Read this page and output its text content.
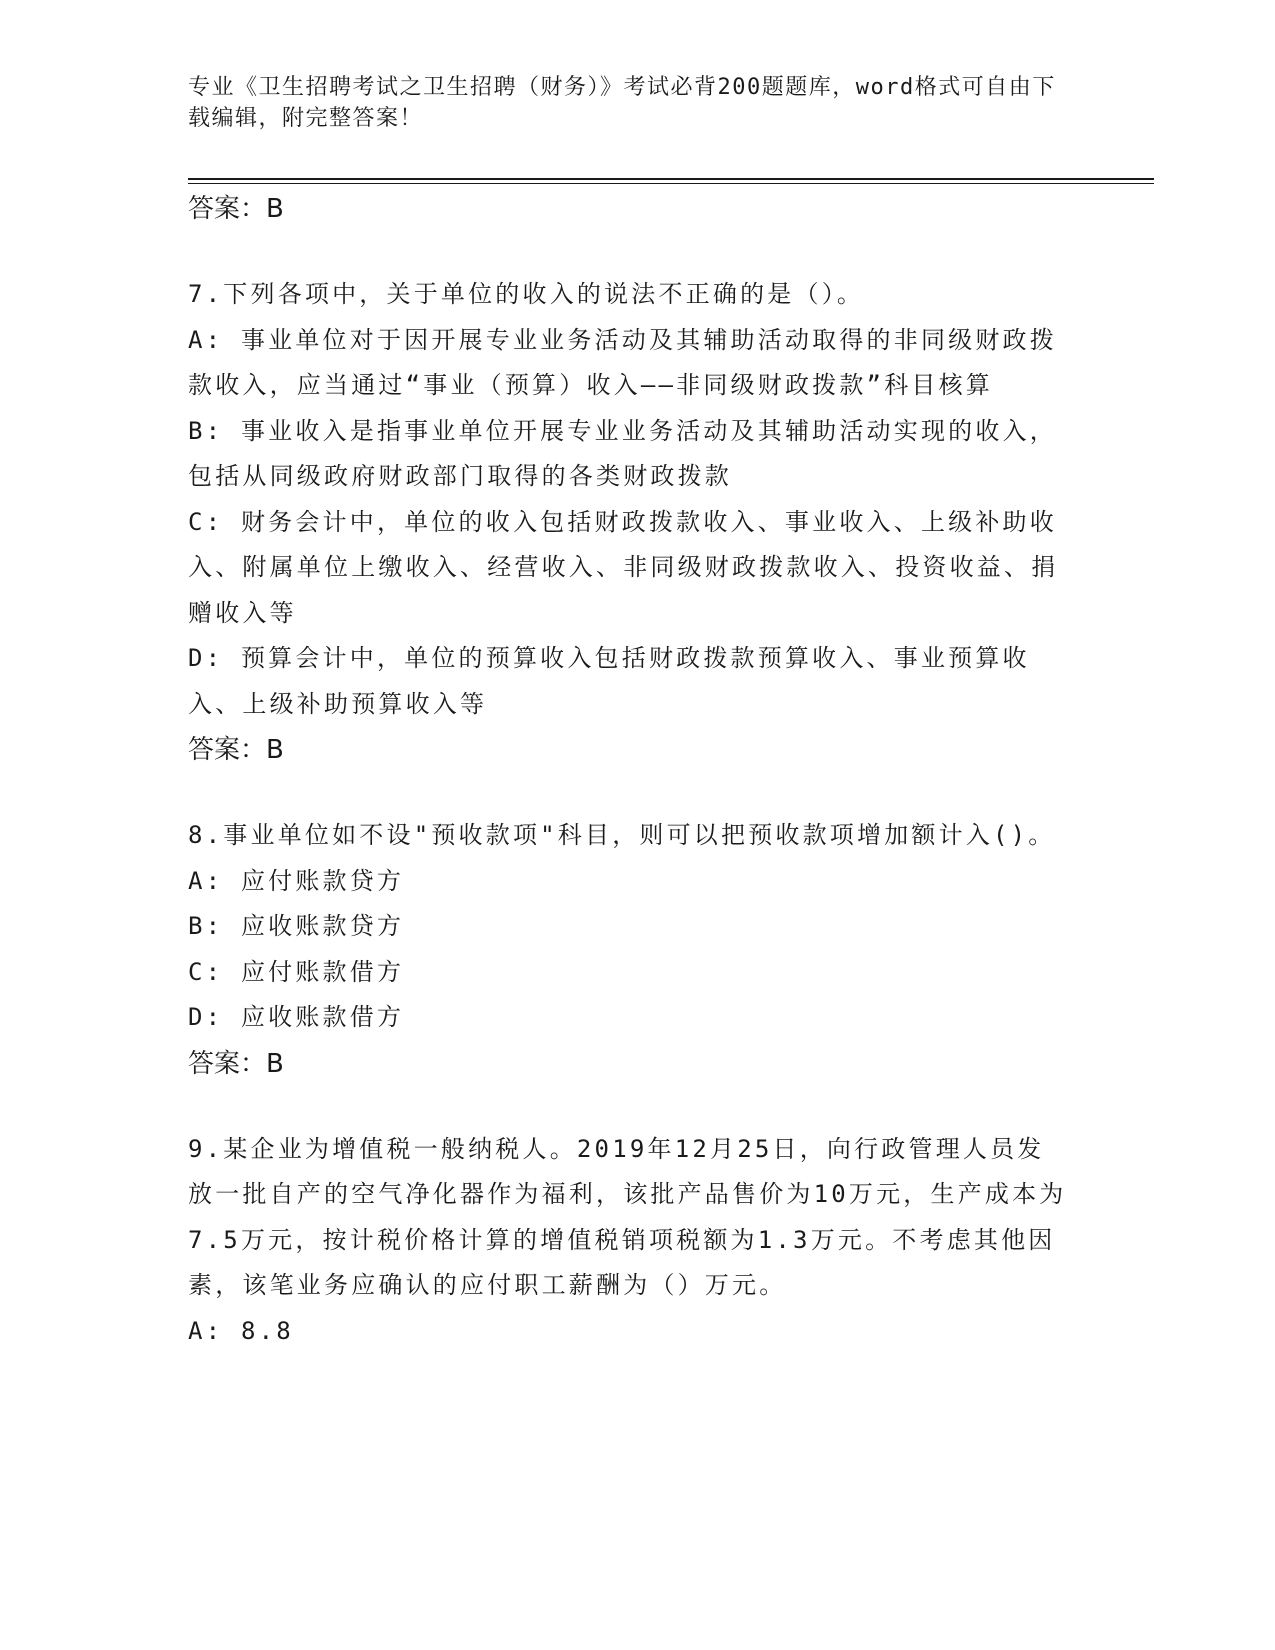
专业《卫生招聘考试之卫生招聘（财务）》考试必背200题题库，word格式可自由下载编辑，附完整答案！

答案：B

7.下列各项中，关于单位的收入的说法不正确的是（）。

A: 事业单位对于因开展专业业务活动及其辅助活动取得的非同级财政拨款收入，应当通过“事业（预算）收入——非同级财政拨款”科目核算

B: 事业收入是指事业单位开展专业业务活动及其辅助活动实现的收入，包括从同级政府财政部门取得的各类财政拨款

C: 财务会计中，单位的收入包括财政拨款收入、事业收入、上级补助收入、附属单位上缴收入、经营收入、非同级财政拨款收入、投资收益、捐赠收入等

D: 预算会计中，单位的预算收入包括财政拨款预算收入、事业预算收入、上级补助预算收入等

答案：B

8.事业单位如不设"预收款项"科目，则可以把预收款项增加额计入()。

A: 应付账款贷方

B: 应收账款贷方

C: 应付账款借方

D: 应收账款借方

答案：B

9.某企业为增值税一般纳税人。2019年12月25日，向行政管理人员发放一批自产的空气净化器作为福利，该批产品售价为10万元，生产成本为7.5万元，按计税价格计算的增值税销项税额为1.3万元。不考虑其他因素，该笔业务应确认的应付职工薪酬为（）万元。

A: 8.8
